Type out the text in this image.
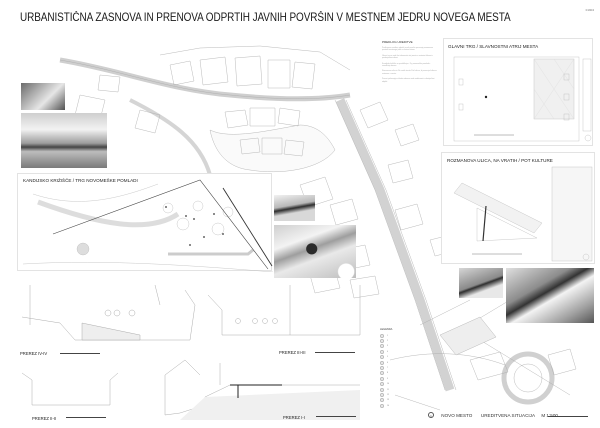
01904
URBANISTIČNA ZASNOVA IN PRENOVA ODPRTIH JAVNIH POVRŠIN V MESTNEM JEDRU NOVEGA MESTA
PREDLOG UREDITVE
Predlagana ureditev odprtih javnih površin povezuje posamezne prostore mestnega jedra v enoten sistem.
Glavni trg se uredi kot slavnostni atrij mesta z enotnim tlakom in poudarjenimi robovi.
Kandijsko križišče se preoblikuje v Trg novomeške pomladi z zasaditvijo dreves.
Rozmanova ulica in Na vratih tvorita Pot kulture, ki povezuje kulturne ustanove v mestu.
Prerezi prikazujejo višinske odnose med ureditvami in obstoječimi objekti.
GLAVNI TRG / SLAVNOSTNI ATRIJ MESTA
ROZMANOVA ULICA, NA VRATIH / POT KULTURE
KANDIJSKO KRIŽIŠČE / TRG NOVOMEŠKE POMLADI
PREREZ IV-IV	PREREZ III-III
PREREZ II-II	PREREZ I-I
LEGENDA
1
2
3
4
5
6
7
8
9
10
11
12
13
14
1 NOVO MESTO UREDITVENA SITUACIJA M 1:500
